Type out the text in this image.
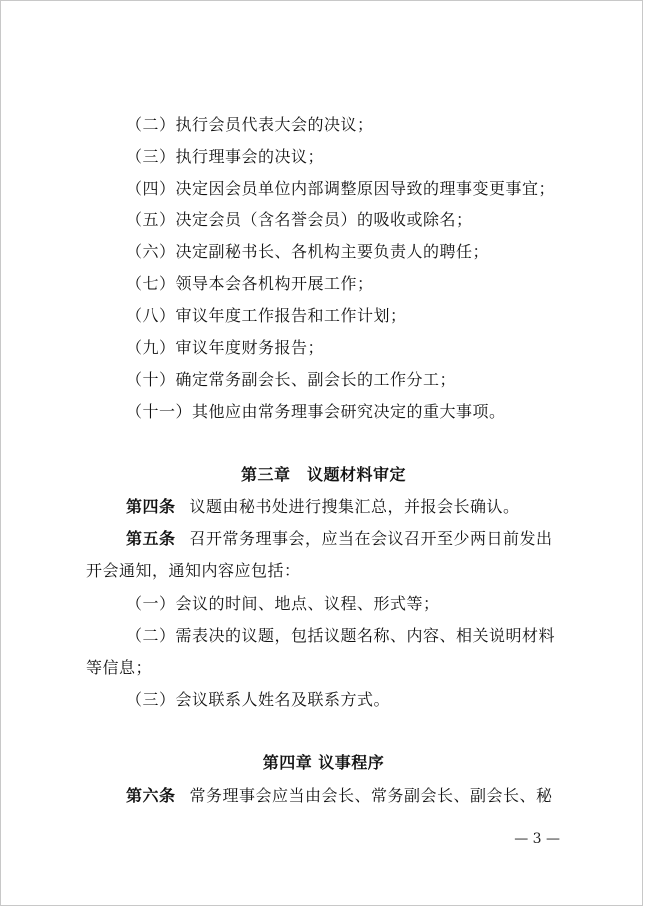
（二）执行会员代表大会的决议；
（三）执行理事会的决议；
（四）决定因会员单位内部调整原因导致的理事变更事宜；
（五）决定会员（含名誉会员）的吸收或除名；
（六）决定副秘书长、各机构主要负责人的聘任；
（七）领导本会各机构开展工作；
（八）审议年度工作报告和工作计划；
（九）审议年度财务报告；
（十）确定常务副会长、副会长的工作分工；
（十一）其他应由常务理事会研究决定的重大事项。
第三章　议题材料审定
第四条 议题由秘书处进行搜集汇总，并报会长确认。
第五条 召开常务理事会，应当在会议召开至少两日前发出
开会通知，通知内容应包括：
（一）会议的时间、地点、议程、形式等；
（二）需表决的议题，包括议题名称、内容、相关说明材料
等信息；
（三）会议联系人姓名及联系方式。
第四章 议事程序
第六条 常务理事会应当由会长、常务副会长、副会长、秘
— 3 —
